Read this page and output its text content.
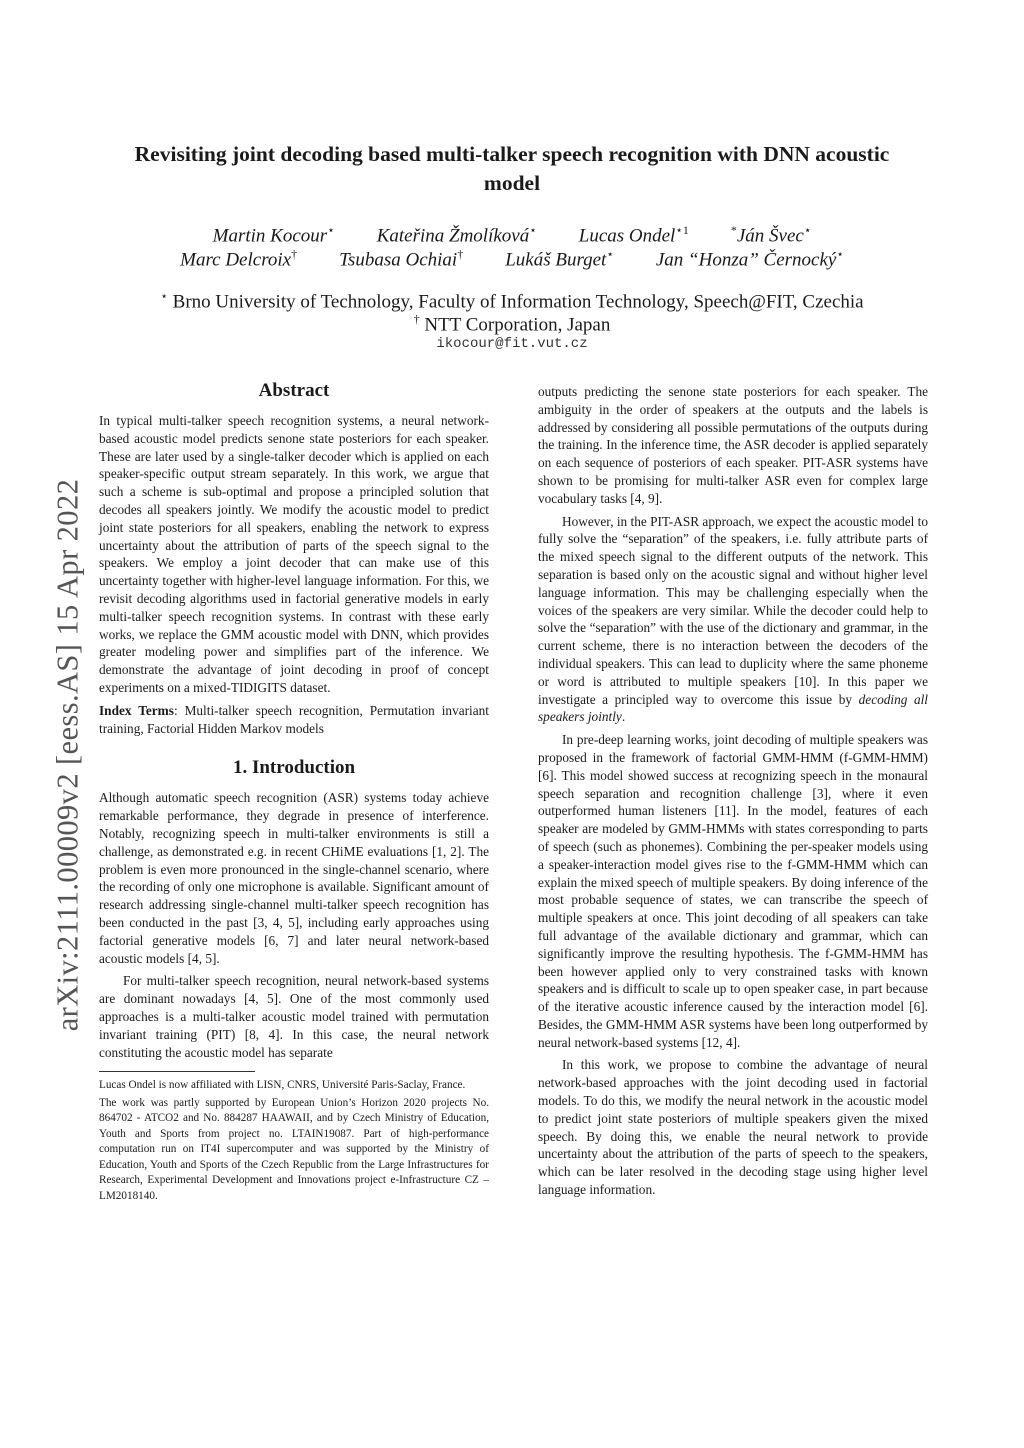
arXiv:2111.00009v2 [eess.AS] 15 Apr 2022
Revisiting joint decoding based multi-talker speech recognition with DNN acoustic model
Martin Kocour⋆ Kateřina Žmolíková⋆ Lucas Ondel$^{⋆1}$	*Ján Švec⋆
Marc Delcroix† Tsubasa Ochiai† Lukáš Burget⋆ Jan “Honza” Černocký⋆
⋆ Brno University of Technology, Faculty of Information Technology, Speech@FIT, Czechia
† NTT Corporation, Japan
ikocour@fit.vut.cz
Abstract

In typical multi-talker speech recognition systems, a neural network-based acoustic model predicts senone state posteriors for each speaker. These are later used by a single-talker decoder which is applied on each speaker-specific output stream separately. In this work, we argue that such a scheme is sub-optimal and propose a principled solution that decodes all speakers jointly. We modify the acoustic model to predict joint state posteriors for all speakers, enabling the network to express uncertainty about the attribution of parts of the speech signal to the speakers. We employ a joint decoder that can make use of this uncertainty together with higher-level language information. For this, we revisit decoding algorithms used in factorial generative models in early multi-talker speech recognition systems. In contrast with these early works, we replace the GMM acoustic model with DNN, which provides greater modeling power and simplifies part of the inference. We demonstrate the advantage of joint decoding in proof of concept experiments on a mixed-TIDIGITS dataset.

Index Terms: Multi-talker speech recognition, Permutation invariant training, Factorial Hidden Markov models

1. Introduction

Although automatic speech recognition (ASR) systems today achieve remarkable performance, they degrade in presence of interference. Notably, recognizing speech in multi-talker environments is still a challenge, as demonstrated e.g. in recent CHiME evaluations [1, 2]. The problem is even more pronounced in the single-channel scenario, where the recording of only one microphone is available. Significant amount of research addressing single-channel multi-talker speech recognition has been conducted in the past [3, 4, 5], including early approaches using factorial generative models [6, 7] and later neural network-based acoustic models [4, 5].

For multi-talker speech recognition, neural network-based systems are dominant nowadays [4, 5]. One of the most commonly used approaches is a multi-talker acoustic model trained with permutation invariant training (PIT) [8, 4]. In this case, the neural network constituting the acoustic model has separate

Lucas Ondel is now affiliated with LISN, CNRS, Université Paris-Saclay, France.

The work was partly supported by European Union’s Horizon 2020 projects No. 864702 - ATCO2 and No. 884287 HAAWAII, and by Czech Ministry of Education, Youth and Sports from project no. LTAIN19087. Part of high-performance computation run on IT4I supercomputer and was supported by the Ministry of Education, Youth and Sports of the Czech Republic from the Large Infrastructures for Research, Experimental Development and Innovations project e-Infrastructure CZ – LM2018140.

outputs predicting the senone state posteriors for each speaker. The ambiguity in the order of speakers at the outputs and the labels is addressed by considering all possible permutations of the outputs during the training. In the inference time, the ASR decoder is applied separately on each sequence of posteriors of each speaker. PIT-ASR systems have shown to be promising for multi-talker ASR even for complex large vocabulary tasks [4, 9].

However, in the PIT-ASR approach, we expect the acoustic model to fully solve the “separation” of the speakers, i.e. fully attribute parts of the mixed speech signal to the different outputs of the network. This separation is based only on the acoustic signal and without higher level language information. This may be challenging especially when the voices of the speakers are very similar. While the decoder could help to solve the “separation” with the use of the dictionary and grammar, in the current scheme, there is no interaction between the decoders of the individual speakers. This can lead to duplicity where the same phoneme or word is attributed to multiple speakers [10]. In this paper we investigate a principled way to overcome this issue by decoding all speakers jointly.

In pre-deep learning works, joint decoding of multiple speakers was proposed in the framework of factorial GMM-HMM (f-GMM-HMM) [6]. This model showed success at recognizing speech in the monaural speech separation and recognition challenge [3], where it even outperformed human listeners [11]. In the model, features of each speaker are modeled by GMM-HMMs with states corresponding to parts of speech (such as phonemes). Combining the per-speaker models using a speaker-interaction model gives rise to the f-GMM-HMM which can explain the mixed speech of multiple speakers. By doing inference of the most probable sequence of states, we can transcribe the speech of multiple speakers at once. This joint decoding of all speakers can take full advantage of the available dictionary and grammar, which can significantly improve the resulting hypothesis. The f-GMM-HMM has been however applied only to very constrained tasks with known speakers and is difficult to scale up to open speaker case, in part because of the iterative acoustic inference caused by the interaction model [6]. Besides, the GMM-HMM ASR systems have been long outperformed by neural network-based systems [12, 4].

In this work, we propose to combine the advantage of neural network-based approaches with the joint decoding used in factorial models. To do this, we modify the neural network in the acoustic model to predict joint state posteriors of multiple speakers given the mixed speech. By doing this, we enable the neural network to provide uncertainty about the attribution of the parts of speech to the speakers, which can be later resolved in the decoding stage using higher level language information.
